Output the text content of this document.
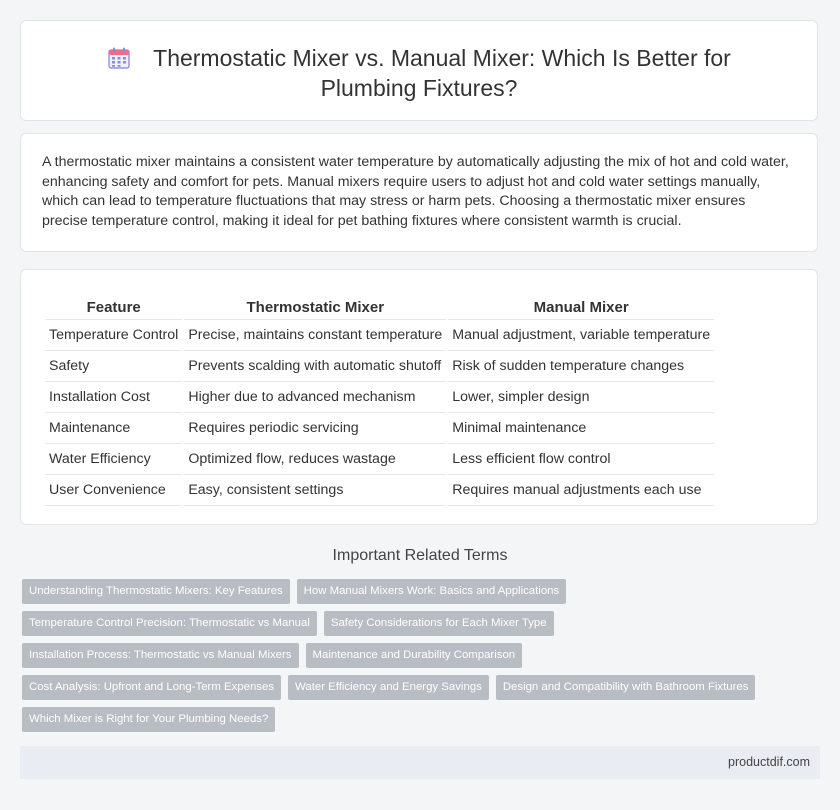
Thermostatic Mixer vs. Manual Mixer: Which Is Better for
Plumbing Fixtures?
A thermostatic mixer maintains a consistent water temperature by automatically adjusting the mix of hot and cold water, enhancing safety and comfort for pets. Manual mixers require users to adjust hot and cold water settings manually, which can lead to temperature fluctuations that may stress or harm pets. Choosing a thermostatic mixer ensures precise temperature control, making it ideal for pet bathing fixtures where consistent warmth is crucial.
Feature	Thermostatic Mixer	Manual Mixer
Temperature Control	Precise, maintains constant temperature	Manual adjustment, variable temperature
Safety	Prevents scalding with automatic shutoff	Risk of sudden temperature changes
Installation Cost	Higher due to advanced mechanism	Lower, simpler design
Maintenance	Requires periodic servicing	Minimal maintenance
Water Efficiency	Optimized flow, reduces wastage	Less efficient flow control
User Convenience	Easy, consistent settings	Requires manual adjustments each use
Important Related Terms
Understanding Thermostatic Mixers: Key Features	How Manual Mixers Work: Basics and Applications
Temperature Control Precision: Thermostatic vs Manual	Safety Considerations for Each Mixer Type
Installation Process: Thermostatic vs Manual Mixers	Maintenance and Durability Comparison
Cost Analysis: Upfront and Long-Term Expenses	Water Efficiency and Energy Savings	Design and Compatibility with Bathroom Fixtures
Which Mixer is Right for Your Plumbing Needs?
productdif.com
